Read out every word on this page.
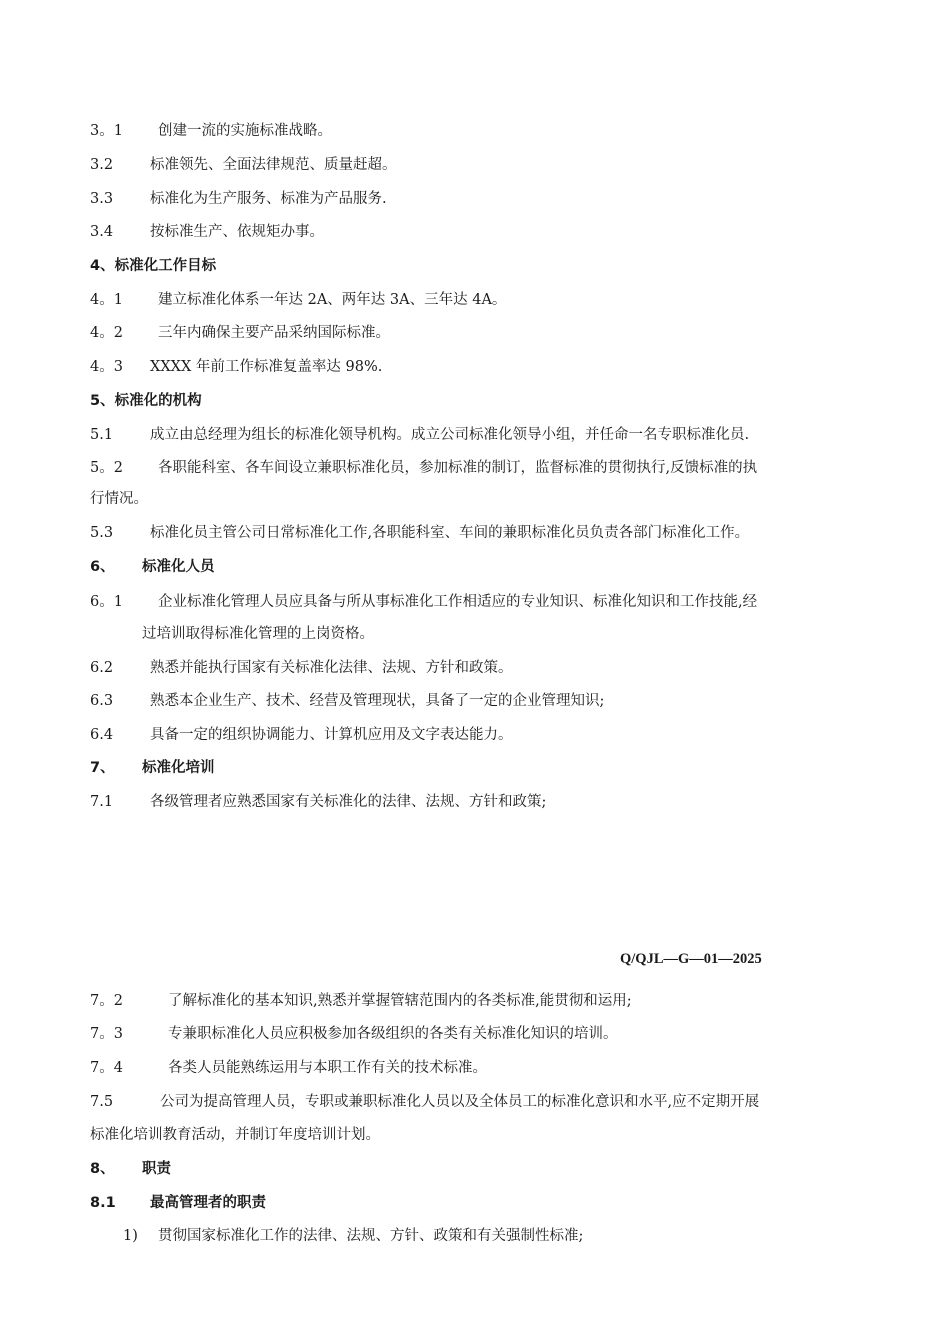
3。1 创建一流的实施标准战略。
3.2	标准领先、全面法律规范、质量赶超。
3.3	标准化为生产服务、标准为产品服务.
3.4	按标准生产、依规矩办事。
4、标准化工作目标
4。1 建立标准化体系一年达 2A、两年达 3A、三年达 4A。
4。2 三年内确保主要产品采纳国际标准。
4。3 XXXX 年前工作标准复盖率达 98%.
5、标准化的机构
5.1	成立由总经理为组长的标准化领导机构。成立公司标准化领导小组，并任命一名专职标准化员.
5。2 各职能科室、各车间设立兼职标准化员，参加标准的制订，监督标准的贯彻执行,反馈标准的执
行情况。
5.3	标准化员主管公司日常标准化工作,各职能科室、车间的兼职标准化员负责各部门标准化工作。
6、 标准化人员
6。1 企业标准化管理人员应具备与所从事标准化工作相适应的专业知识、标准化知识和工作技能,经
过培训取得标准化管理的上岗资格。
6.2	熟悉并能执行国家有关标准化法律、法规、方针和政策。
6.3	熟悉本企业生产、技术、经营及管理现状，具备了一定的企业管理知识;
6.4	具备一定的组织协调能力、计算机应用及文字表达能力。
7、 标准化培训
7.1	各级管理者应熟悉国家有关标准化的法律、法规、方针和政策;
Q/QJL—G—01—2025
7。2	了解标准化的基本知识,熟悉并掌握管辖范围内的各类标准,能贯彻和运用;
7。3	专兼职标准化人员应积极参加各级组织的各类有关标准化知识的培训。
7。4	各类人员能熟练运用与本职工作有关的技术标准。
7.5	公司为提高管理人员，专职或兼职标准化人员以及全体员工的标准化意识和水平,应不定期开展
标准化培训教育活动，并制订年度培训计划。
8、 职责
8.1 最高管理者的职责
1) 贯彻国家标准化工作的法律、法规、方针、政策和有关强制性标准;
